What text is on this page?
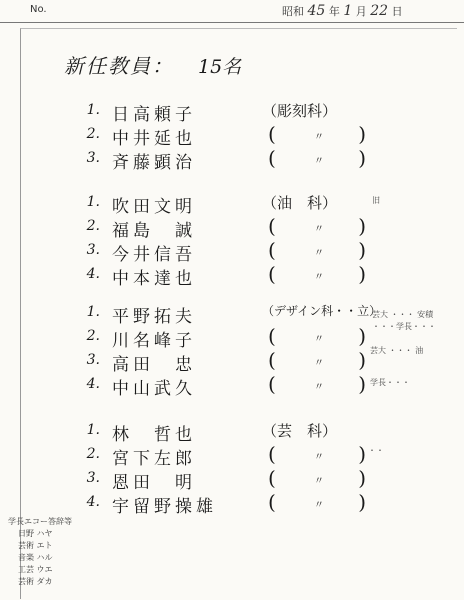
No.	昭和 45 年 1 月 22 日
新任教員： 15名
1. 日高頼子	（彫刻科）
2. 中井延也	(	〃 )
3. 斉藤顕治	(	〃 )
1. 吹田文明	（油　科）
2. 福島　誠	(	〃 )
3. 今井信吾	(	〃 )
4. 中本達也	(	〃 )
1. 平野拓夫	（デザイン科・・立）
2. 川名峰子	(	〃 )
3. 高田　忠	(	〃 )
4. 中山武久	(	〃 )
1. 林　哲也	（芸　科）
2. 宮下左郎	(	〃 )
3. 恩田　明	(	〃 )
4. 宇留野操雄	(	〃 )
旧
芸大 ・・・ 安積
・・・学長・・・
芸大 ・・・ 油
学長・・・
・・
学長エコー答辞等
日野 ハヤ
芸術 エト
音楽 ハル
工芸 ウエ
芸術 ダカ
